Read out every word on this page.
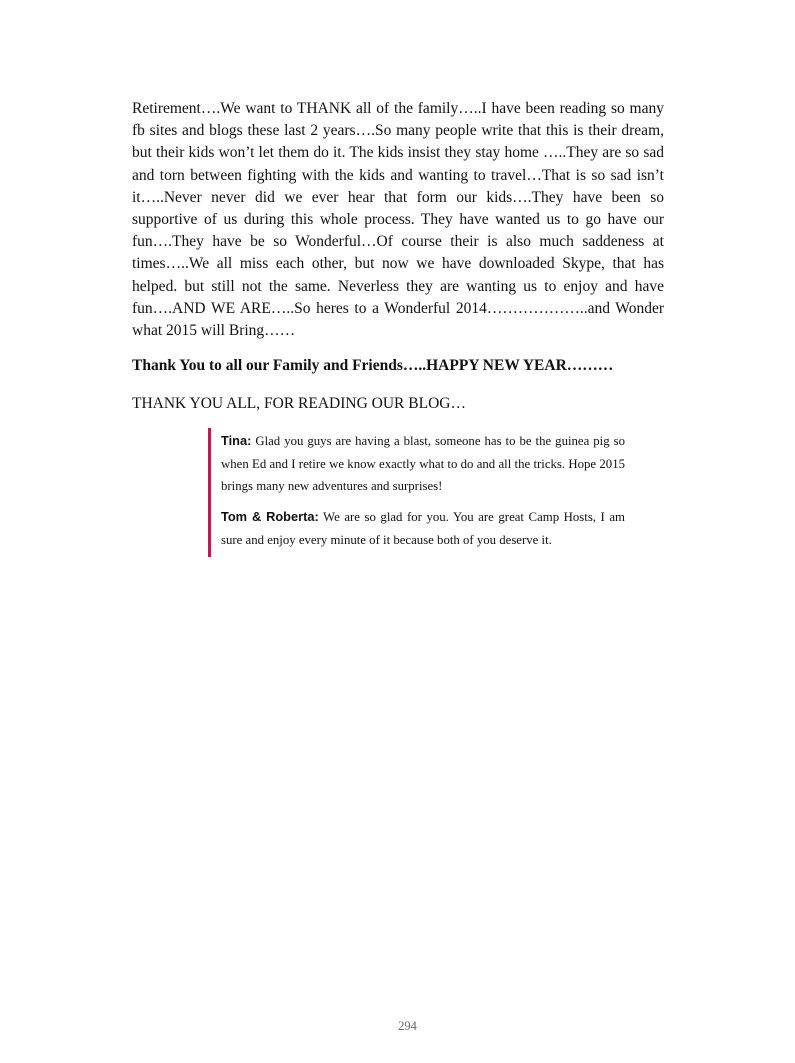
Retirement….We want to THANK all of the family…..I have been reading so many fb sites and blogs these last 2 years….So many people write that this is their dream, but their kids won’t let them do it. The kids insist they stay home …..They are so sad and torn between fighting with the kids and wanting to travel…That is so sad isn’t it…..Never never did we ever hear that form our kids….They have been so supportive of us during this whole process. They have wanted us to go have our fun….They have be so Wonderful…Of course their is also much saddeness at times…..We all miss each other, but now we have downloaded Skype, that has helped. but still not the same. Neverless they are wanting us to enjoy and have fun….AND WE ARE…..So heres to a Wonderful 2014………………..and Wonder what 2015 will Bring……

Thank You to all our Family and Friends…..HAPPY NEW YEAR………

THANK YOU ALL, FOR READING OUR BLOG…

Tina: Glad you guys are having a blast, someone has to be the guinea pig so when Ed and I retire we know exactly what to do and all the tricks. Hope 2015 brings many new adventures and surprises!

Tom & Roberta: We are so glad for you. You are great Camp Hosts, I am sure and enjoy every minute of it because both of you deserve it.

294
